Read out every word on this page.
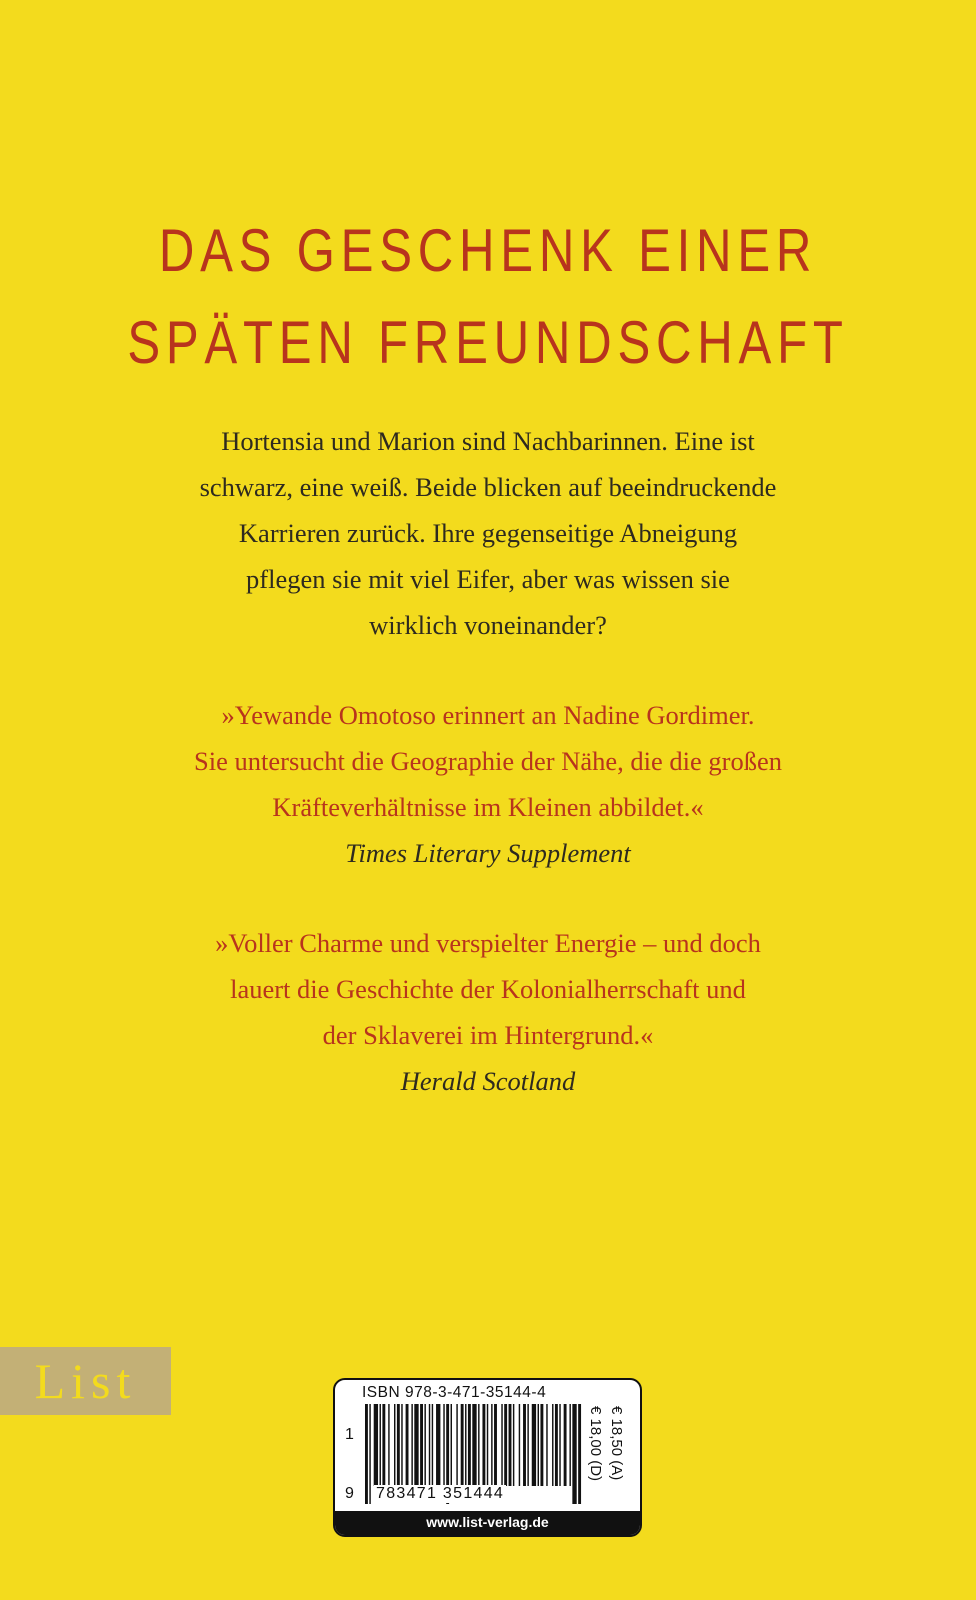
DAS GESCHENK EINER
SPÄTEN FREUNDSCHAFT
Hortensia und Marion sind Nachbarinnen. Eine ist
schwarz, eine weiß. Beide blicken auf beeindruckende
Karrieren zurück. Ihre gegenseitige Abneigung
pflegen sie mit viel Eifer, aber was wissen sie
wirklich voneinander?
»Yewande Omotoso erinnert an Nadine Gordimer.
Sie untersucht die Geographie der Nähe, die die großen
Kräfteverhältnisse im Kleinen abbildet.«
Times Literary Supplement
»Voller Charme und verspielter Energie – und doch
lauert die Geschichte der Kolonialherrschaft und
der Sklaverei im Hintergrund.«
Herald Scotland
List	ISBN 978-3-471-35144-4
1
9 783471 351444
€ 18,00 (D) € 18,50 (A)
www.list-verlag.de
